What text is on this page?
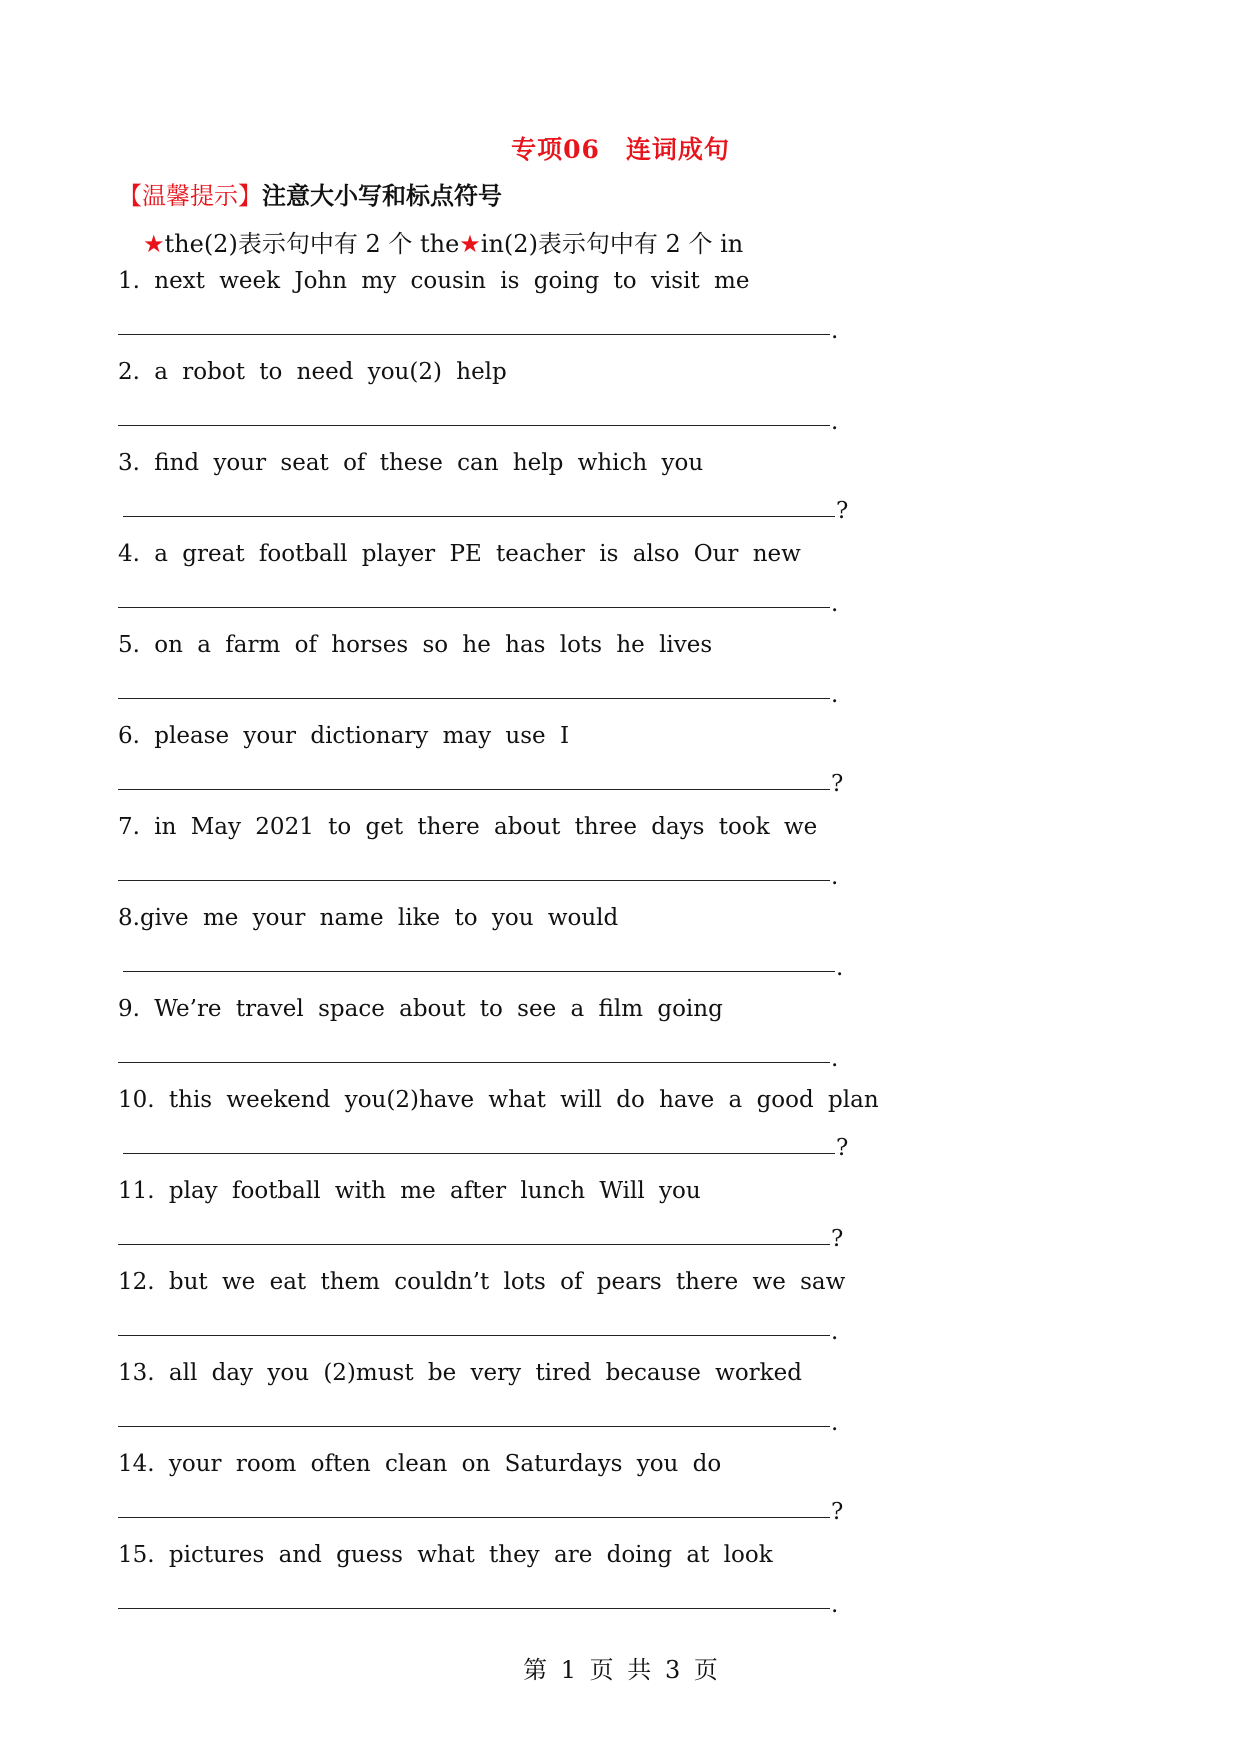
专项06 连词成句
【温馨提示】注意大小写和标点符号
★the(2)表示句中有 2 个 the★in(2)表示句中有 2 个 in
1. next week John my cousin is going to visit me
.
2. a robot to need you(2) help
.
3. find your seat of these can help which you
?
4. a great football player PE teacher is also Our new
.
5. on a farm of horses so he has lots he lives
.
6. please your dictionary may use I
?
7. in May 2021 to get there about three days took we
.
8.give me your name like to you would
.
9. We’re travel space about to see a film going
.
10. this weekend you(2)have what will do have a good plan
?
11. play football with me after lunch Will you
?
12. but we eat them couldn’t lots of pears there we saw
.
13. all day you (2)must be very tired because worked
.
14. your room often clean on Saturdays you do
?
15. pictures and guess what they are doing at look
.
第 1 页 共 3 页
